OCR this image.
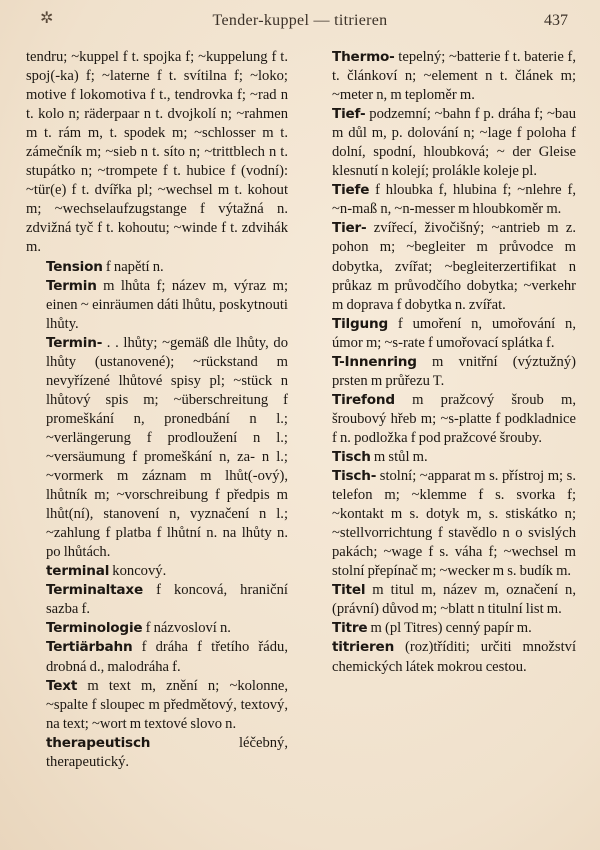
✲	Tender-kuppel — titrieren	437
tendru; ~kuppel f t. spojka f; ~kuppelung f t. spoj(-ka) f; ~laterne f t. svítilna f; ~loko; motive f lokomotiva f t., tendrovka f; ~rad n t. kolo n; räderpaar n t. dvojkolí n; ~rahmen m t. rám m, t. spodek m; ~schlosser m t. zámečník m; ~sieb n t. síto n; ~trittblech n t. stupátko n; ~trompete f t. hubice f (vodní): ~tür(e) f t. dvířka pl; ~wechsel m t. kohout m; ~wechselaufzugstange f výtažná n. zdvižná tyč f t. kohoutu; ~winde f t. zdvihák m.
Tension f napětí n.
Termin m lhůta f; název m, výraz m; einen ~ einräumen dáti lhůtu, poskytnouti lhůty.
Termin- . . lhůty; ~gemäß dle lhůty, do lhůty (ustanovené); ~rückstand m nevyřízené lhůtové spisy pl; ~stück n lhůtový spis m; ~überschreitung f promeškání n, pronedbání n l.; ~verlängerung f prodloužení n l.; ~versäumung f promeškání n, za- n l.; ~vormerk m záznam m lhůt(-ový), lhůtník m; ~vorschreibung f předpis m lhůt(ní), stanovení n, vyznačení n l.; ~zahlung f platba f lhůtní n. na lhůty n. po lhůtách.
terminal koncový.
Terminaltaxe f koncová, hraniční sazba f.
Terminologie f názvosloví n.
Tertiärbahn f dráha f třetího řádu, drobná d., malodráha f.
Text m text m, znění n; ~kolonne, ~spalte f sloupec m předmětový, textový, na text; ~wort m textové slovo n.
therapeutisch léčebný, therapeutický.
Thermo- tepelný; ~batterie f t. baterie f, t. článkoví n; ~element n t. článek m; ~meter n, m teploměr m.
Tief- podzemní; ~bahn f p. dráha f; ~bau m důl m, p. dolování n; ~lage f poloha f dolní, spodní, hloubková; ~ der Gleise klesnutí n kolejí; prolákle koleje pl.
Tiefe f hloubka f, hlubina f; ~nlehre f, ~n-maß n, ~n-messer m hloubkoměr m.
Tier- zvířecí, živočišný; ~antrieb m z. pohon m; ~begleiter m průvodce m dobytka, zvířat; ~begleiterzertifikat n průkaz m průvodčího dobytka; ~verkehr m doprava f dobytka n. zvířat.
Tilgung f umoření n, umořování n, úmor m; ~s-rate f umořovací splátka f.
T-Innenring m vnitřní (výztužný) prsten m průřezu T.
Tirefond m pražcový šroub m, šroubový hřeb m; ~s-platte f podkladnice f n. podložka f pod pražcové šrouby.
Tisch m stůl m.
Tisch- stolní; ~apparat m s. přístroj m; s. telefon m; ~klemme f s. svorka f; ~kontakt m s. dotyk m, s. stiskátko n; ~stellvorrichtung f stavědlo n o svislých pakách; ~wage f s. váha f; ~wechsel m stolní přepínač m; ~wecker m s. budík m.
Titel m titul m, název m, označení n, (právní) důvod m; ~blatt n titulní list m.
Titre m (pl Titres) cenný papír m.
titrieren (roz)tříditi; určiti množství chemických látek mokrou cestou.
